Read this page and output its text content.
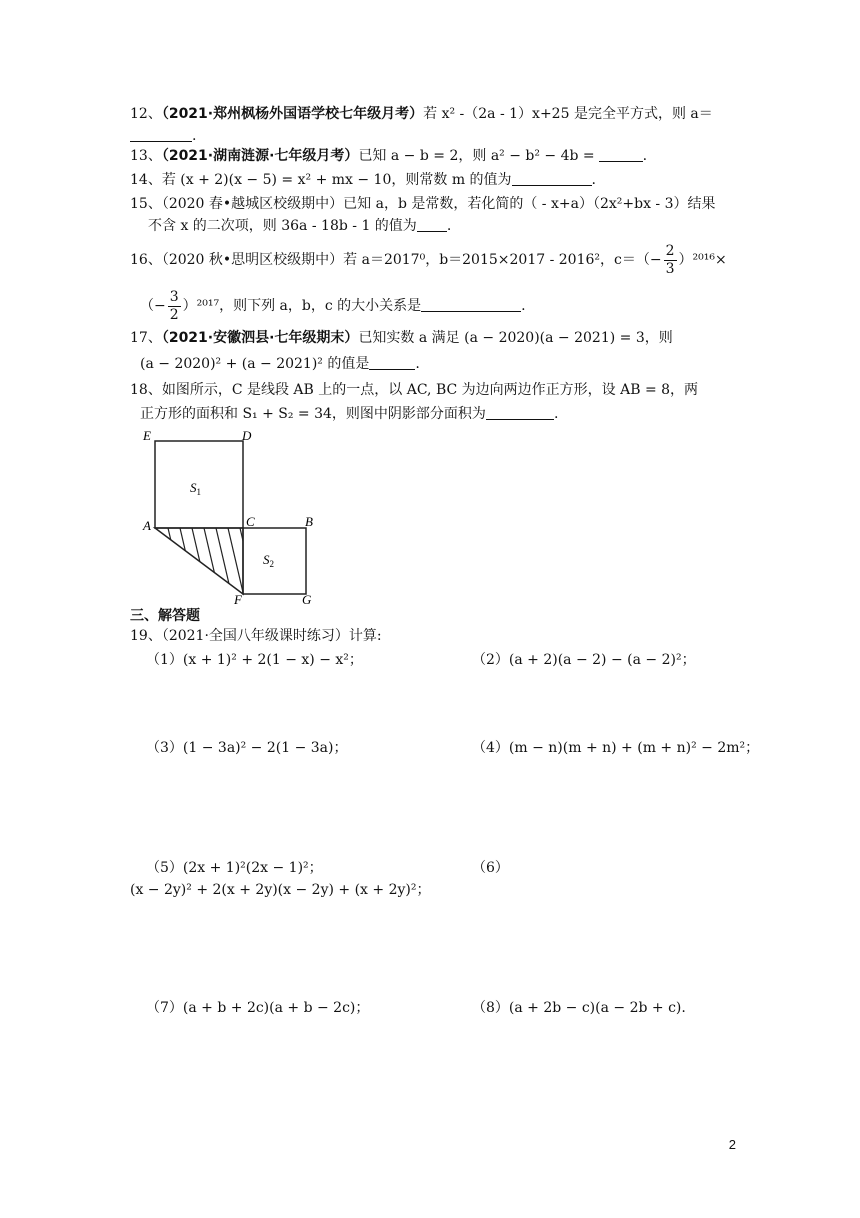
12、（2021·郑州枫杨外国语学校七年级月考）若 x² -（2a - 1）x+25 是完全平方式，则 a＝
.
13、（2021·湖南涟源·七年级月考）已知 a − b = 2，则 a² − b² − 4b =	.
14、若 (x + 2)(x − 5) = x² + mx − 10，则常数 m 的值为	.
15、（2020 春•越城区校级期中）已知 a，b 是常数，若化简的（ - x+a）（2x²+bx - 3）结果
不含 x 的二次项，则 36a - 18b - 1 的值为 .
16、（2020 秋•思明区校级期中）若 a＝2017⁰，b＝2015×2017 - 2016²，$c=(- \frac{2}{3} )^{2016}\times$
（− $\frac{3}{2} )^{2017}$，则下列 a，b，c 的大小关系是	.
17、（2021·安徽泗县·七年级期末）已知实数 a 满足 (a − 2020)(a − 2021) = 3，则
(a − 2020)² + (a − 2021)² 的值是	.
18、如图所示，C 是线段 AB 上的一点，以 AC, BC 为边向两边作正方形，设 AB = 8，两
正方形的面积和 S₁ + S₂ = 34，则图中阴影部分面积为	.
E	D
A	C	B
F	G
$S_1$
$S_2$
三、解答题
19、（2021·全国八年级课时练习）计算:
（1）(x + 1)² + 2(1 − x) − x²；	（2）(a + 2)(a − 2) − (a − 2)²；
（3）(1 − 3a)² − 2(1 − 3a)；	（4）(m − n)(m + n) + (m + n)² − 2m²；
（5）(2x + 1)²(2x − 1)²；	（6）
(x − 2y)² + 2(x + 2y)(x − 2y) + (x + 2y)²；
（7）(a + b + 2c)(a + b − 2c)；	（8）(a + 2b − c)(a − 2b + c).
2
